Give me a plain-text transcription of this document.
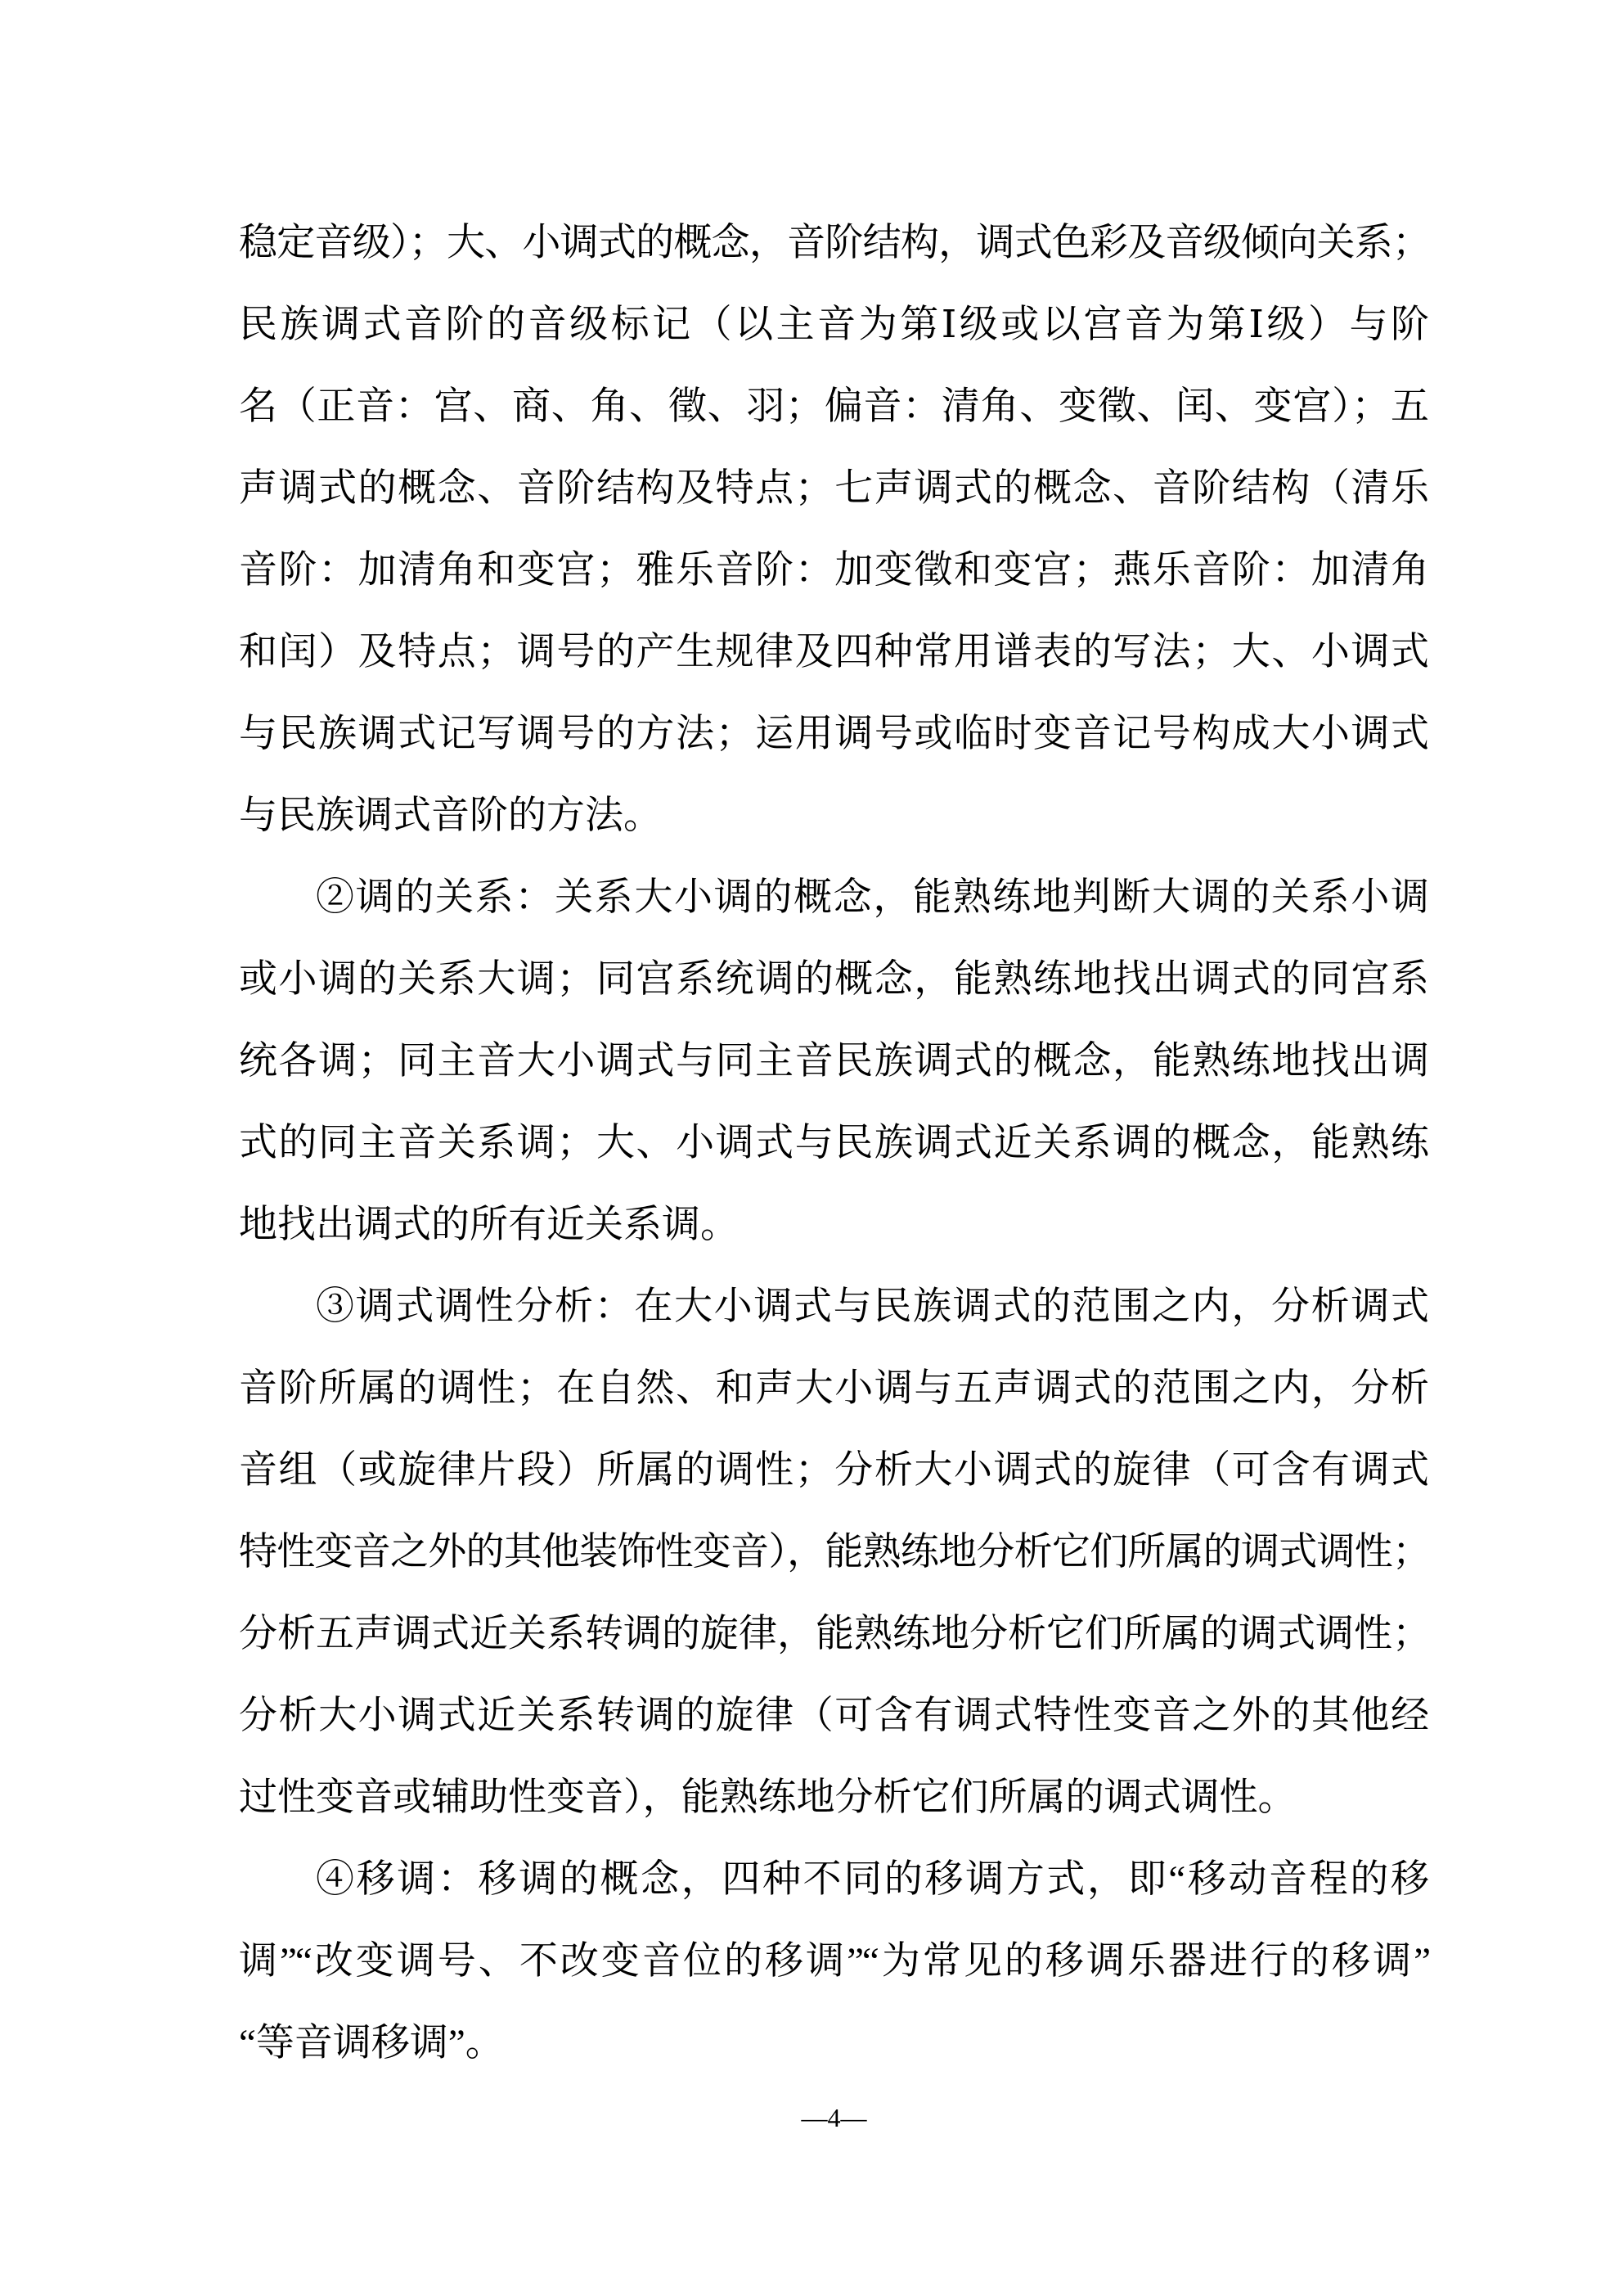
稳定音级）；大、小调式的概念，音阶结构，调式色彩及音级倾向关系；
民族调式音阶的音级标记（以主音为第Ⅰ级或以宫音为第Ⅰ级）与阶
名（正音：宫、商、角、徵、羽；偏音：清角、变徵、闰、变宫）；五
声调式的概念、音阶结构及特点；七声调式的概念、音阶结构（清乐
音阶：加清角和变宫；雅乐音阶：加变徵和变宫；燕乐音阶：加清角
和闰）及特点；调号的产生规律及四种常用谱表的写法；大、小调式
与民族调式记写调号的方法；运用调号或临时变音记号构成大小调式
与民族调式音阶的方法。
②调的关系：关系大小调的概念，能熟练地判断大调的关系小调
或小调的关系大调；同宫系统调的概念，能熟练地找出调式的同宫系
统各调；同主音大小调式与同主音民族调式的概念，能熟练地找出调
式的同主音关系调；大、小调式与民族调式近关系调的概念，能熟练
地找出调式的所有近关系调。
③调式调性分析：在大小调式与民族调式的范围之内，分析调式
音阶所属的调性；在自然、和声大小调与五声调式的范围之内，分析
音组（或旋律片段）所属的调性；分析大小调式的旋律（可含有调式
特性变音之外的其他装饰性变音），能熟练地分析它们所属的调式调性；
分析五声调式近关系转调的旋律，能熟练地分析它们所属的调式调性；
分析大小调式近关系转调的旋律（可含有调式特性变音之外的其他经
过性变音或辅助性变音），能熟练地分析它们所属的调式调性。
④移调：移调的概念，四种不同的移调方式，即“移动音程的移
调”“改变调号、不改变音位的移调”“为常见的移调乐器进行的移调”
“等音调移调”。
—4—
